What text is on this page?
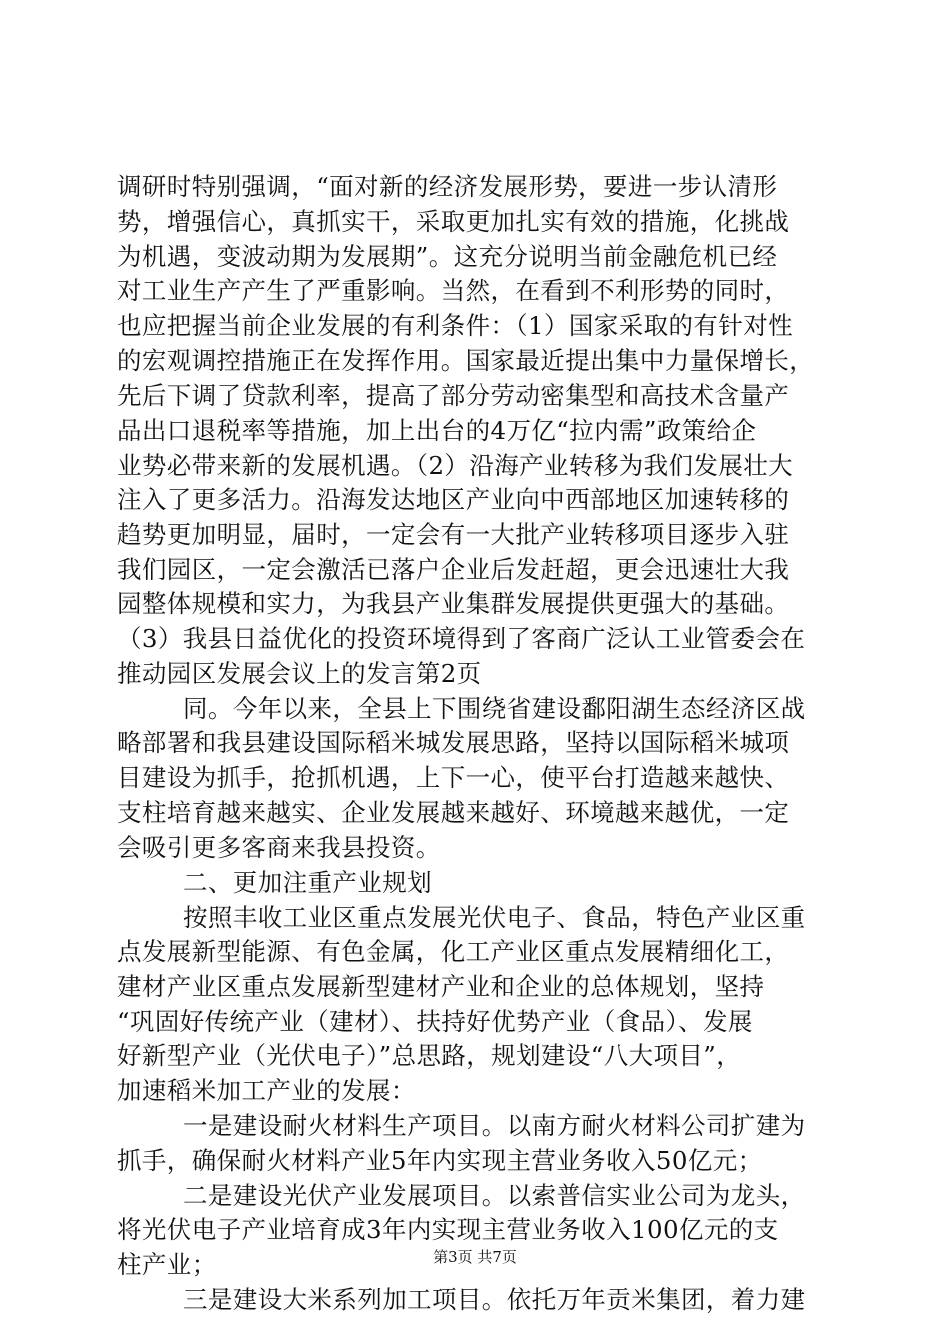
调研时特别强调，“面对新的经济发展形势，要进一步认清形
势，增强信心，真抓实干，采取更加扎实有效的措施，化挑战
为机遇，变波动期为发展期”。这充分说明当前金融危机已经
对工业生产产生了严重影响。当然，在看到不利形势的同时，
也应把握当前企业发展的有利条件：（1）国家采取的有针对性
的宏观调控措施正在发挥作用。国家最近提出集中力量保增长，
先后下调了贷款利率，提高了部分劳动密集型和高技术含量产
品出口退税率等措施，加上出台的4万亿“拉内需”政策给企
业势必带来新的发展机遇。（2）沿海产业转移为我们发展壮大
注入了更多活力。沿海发达地区产业向中西部地区加速转移的
趋势更加明显，届时，一定会有一大批产业转移项目逐步入驻
我们园区，一定会激活已落户企业后发赶超，更会迅速壮大我
园整体规模和实力，为我县产业集群发展提供更强大的基础。
（3）我县日益优化的投资环境得到了客商广泛认工业管委会在
推动园区发展会议上的发言第2页
同。今年以来，全县上下围绕省建设鄱阳湖生态经济区战
略部署和我县建设国际稻米城发展思路，坚持以国际稻米城项
目建设为抓手，抢抓机遇，上下一心，使平台打造越来越快、
支柱培育越来越实、企业发展越来越好、环境越来越优，一定
会吸引更多客商来我县投资。
二、更加注重产业规划
按照丰收工业区重点发展光伏电子、食品，特色产业区重
点发展新型能源、有色金属，化工产业区重点发展精细化工，
建材产业区重点发展新型建材产业和企业的总体规划，坚持
“巩固好传统产业（建材）、扶持好优势产业（食品）、发展
好新型产业（光伏电子）”总思路，规划建设“八大项目”，
加速稻米加工产业的发展：
一是建设耐火材料生产项目。以南方耐火材料公司扩建为
抓手，确保耐火材料产业5年内实现主营业务收入50亿元；
二是建设光伏产业发展项目。以索普信实业公司为龙头，
将光伏电子产业培育成3年内实现主营业务收入100亿元的支
柱产业；
三是建设大米系列加工项目。依托万年贡米集团，着力建
第3页 共7页
